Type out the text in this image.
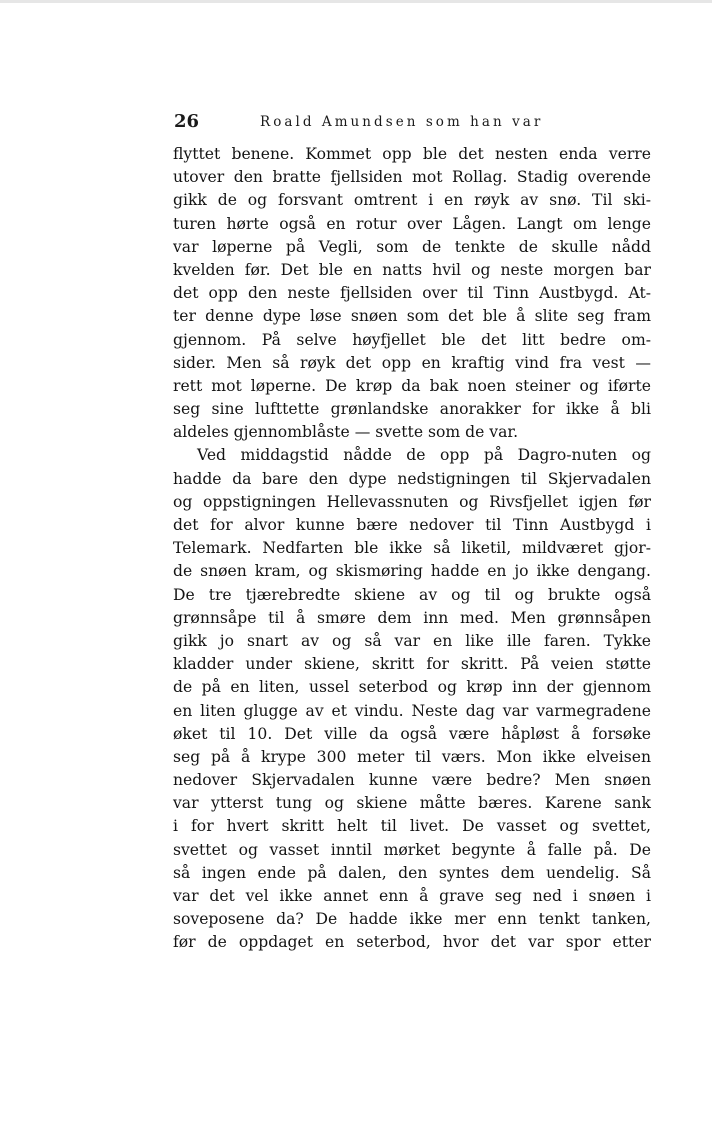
26	Roald Amundsen som han var
flyttet benene. Kommet opp ble det nesten enda verre
utover den bratte fjellsiden mot Rollag. Stadig overende
gikk de og forsvant omtrent i en røyk av snø. Til ski-
turen hørte også en rotur over Lågen. Langt om lenge
var løperne på Vegli, som de tenkte de skulle nådd
kvelden før. Det ble en natts hvil og neste morgen bar
det opp den neste fjellsiden over til Tinn Austbygd. At-
ter denne dype løse snøen som det ble å slite seg fram
gjennom. På selve høyfjellet ble det litt bedre om-
sider. Men så røyk det opp en kraftig vind fra vest —
rett mot løperne. De krøp da bak noen steiner og iførte
seg sine lufttette grønlandske anorakker for ikke å bli
aldeles gjennomblåste — svette som de var.
Ved middagstid nådde de opp på Dagro-nuten og
hadde da bare den dype nedstigningen til Skjervadalen
og oppstigningen Hellevassnuten og Rivsfjellet igjen før
det for alvor kunne bære nedover til Tinn Austbygd i
Telemark. Nedfarten ble ikke så liketil, mildværet gjor-
de snøen kram, og skismøring hadde en jo ikke dengang.
De tre tjærebredte skiene av og til og brukte også
grønnsåpe til å smøre dem inn med. Men grønnsåpen
gikk jo snart av og så var en like ille faren. Tykke
kladder under skiene, skritt for skritt. På veien støtte
de på en liten, ussel seterbod og krøp inn der gjennom
en liten glugge av et vindu. Neste dag var varmegradene
øket til 10. Det ville da også være håpløst å forsøke
seg på å krype 300 meter til værs. Mon ikke elveisen
nedover Skjervadalen kunne være bedre? Men snøen
var ytterst tung og skiene måtte bæres. Karene sank
i for hvert skritt helt til livet. De vasset og svettet,
svettet og vasset inntil mørket begynte å falle på. De
så ingen ende på dalen, den syntes dem uendelig. Så
var det vel ikke annet enn å grave seg ned i snøen i
soveposene da? De hadde ikke mer enn tenkt tanken,
før de oppdaget en seterbod, hvor det var spor etter
